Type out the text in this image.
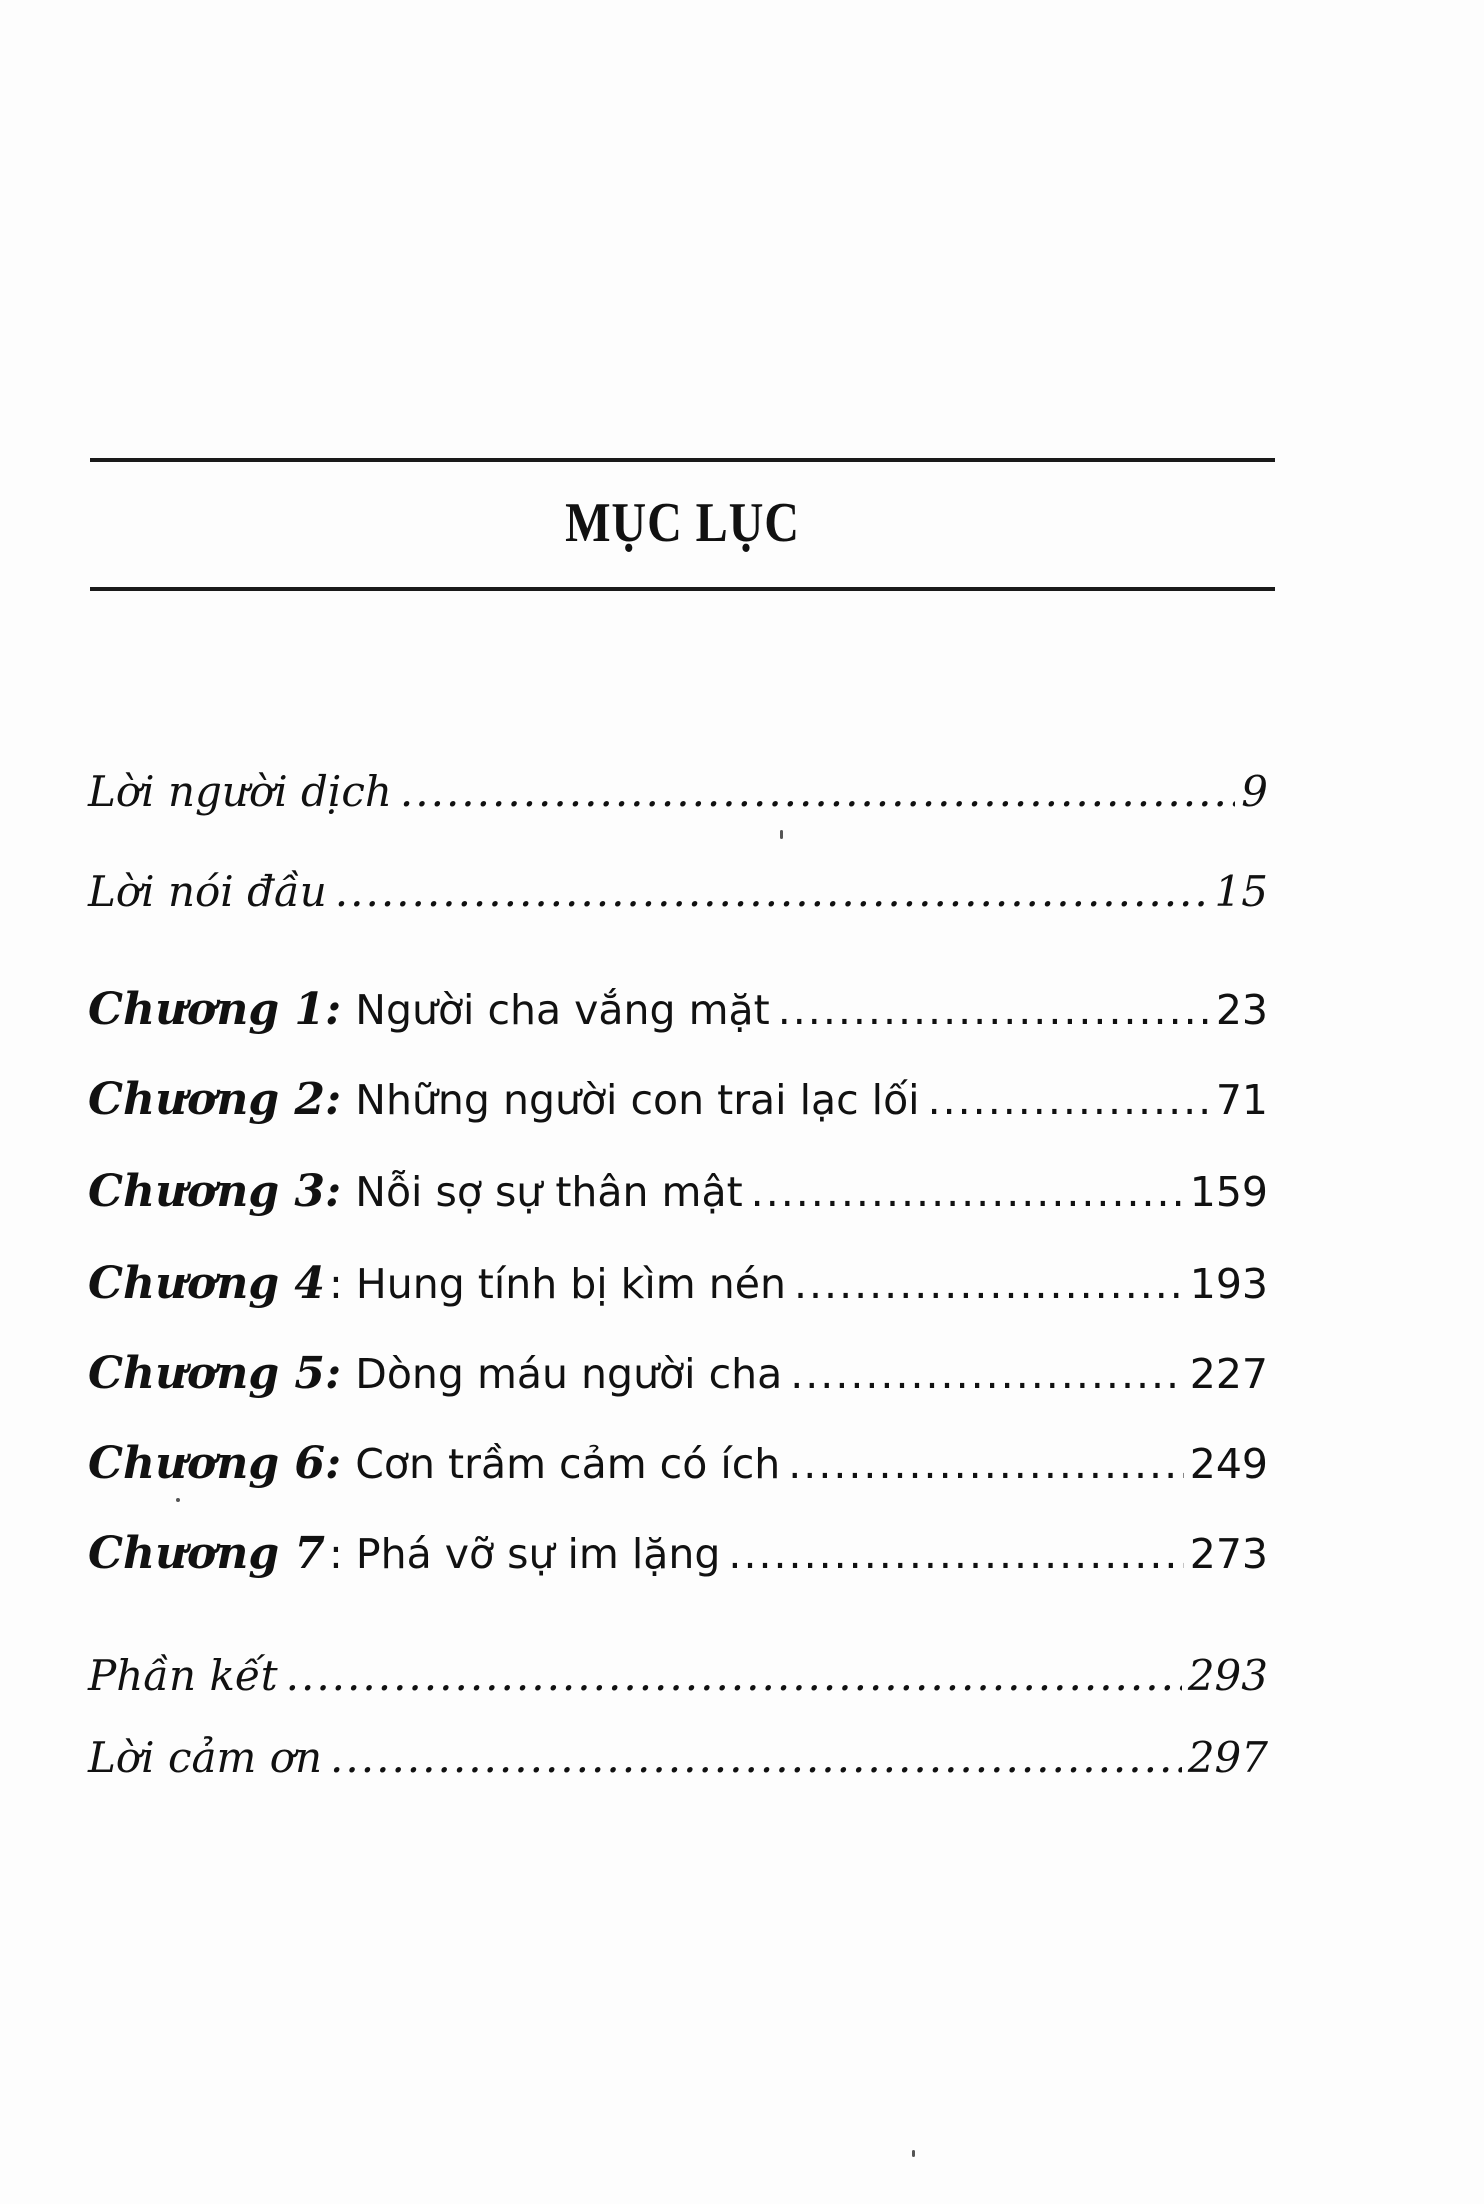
MỤC LỤC
Lời người dịch .....	9
Lời nói đầu .....	15
Chương 1: Người cha vắng mặt .....	23
Chương 2: Những người con trai lạc lối .....	71
Chương 3: Nỗi sợ sự thân mật .....	159
Chương 4: Hung tính bị kìm nén .....	193
Chương 5: Dòng máu người cha .....	227
Chương 6: Cơn trầm cảm có ích .....	249
Chương 7: Phá vỡ sự im lặng .....	273
Phần kết .....	293
Lời cảm ơn .....	297
